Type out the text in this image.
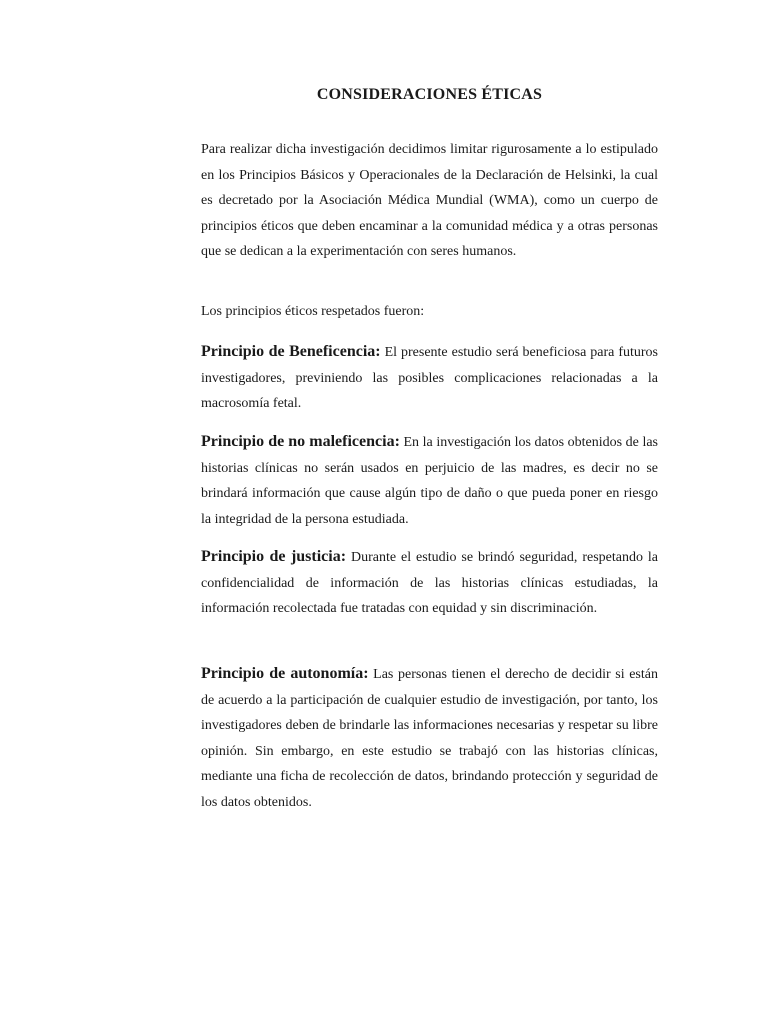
CONSIDERACIONES ÉTICAS

Para realizar dicha investigación decidimos limitar rigurosamente a lo estipulado en los Principios Básicos y Operacionales de la Declaración de Helsinki, la cual es decretado por la Asociación Médica Mundial (WMA), como un cuerpo de principios éticos que deben encaminar a la comunidad médica y a otras personas que se dedican a la experimentación con seres humanos.

Los principios éticos respetados fueron:

Principio de Beneficencia: El presente estudio será beneficiosa para futuros investigadores, previniendo las posibles complicaciones relacionadas a la macrosomía fetal.

Principio de no maleficencia: En la investigación los datos obtenidos de las historias clínicas no serán usados en perjuicio de las madres, es decir no se brindará información que cause algún tipo de daño o que pueda poner en riesgo la integridad de la persona estudiada.

Principio de justicia: Durante el estudio se brindó seguridad, respetando la confidencialidad de información de las historias clínicas estudiadas, la información recolectada fue tratadas con equidad y sin discriminación.

Principio de autonomía: Las personas tienen el derecho de decidir si están de acuerdo a la participación de cualquier estudio de investigación, por tanto, los investigadores deben de brindarle las informaciones necesarias y respetar su libre opinión. Sin embargo, en este estudio se trabajó con las historias clínicas, mediante una ficha de recolección de datos, brindando protección y seguridad de los datos obtenidos.
